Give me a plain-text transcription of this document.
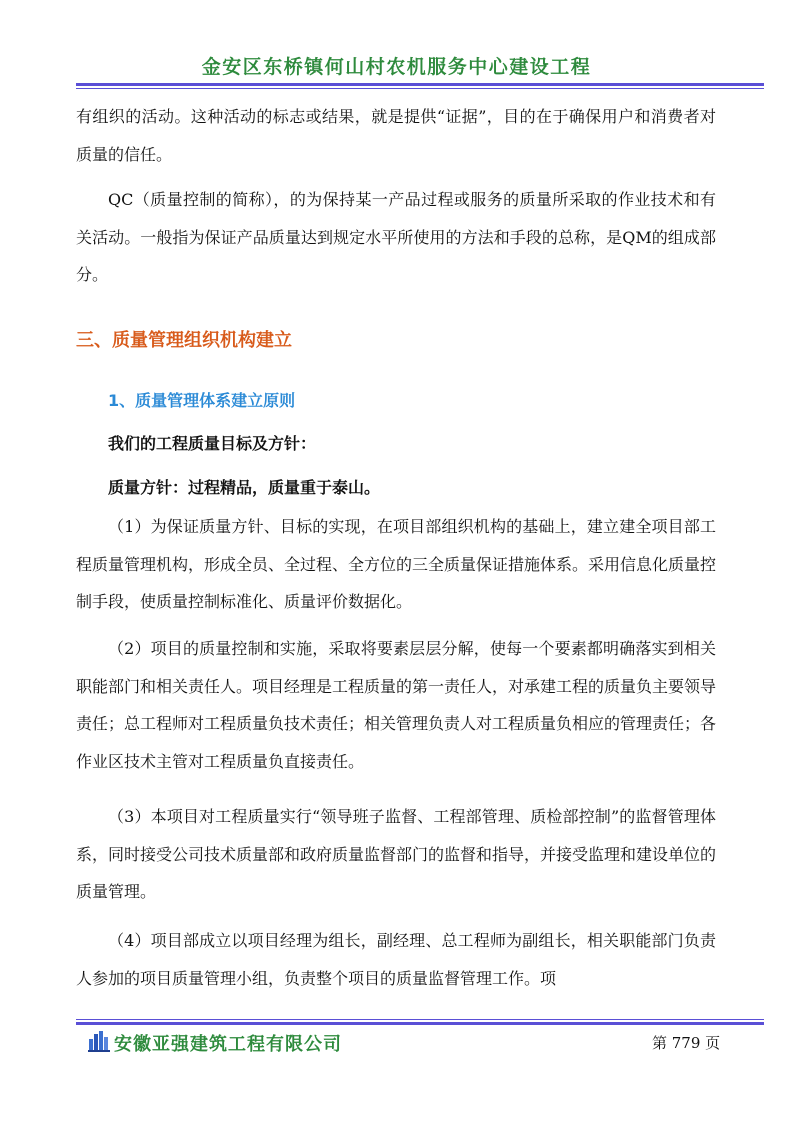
金安区东桥镇何山村农机服务中心建设工程

有组织的活动。这种活动的标志或结果，就是提供“证据”，目的在于确保用户和消费者对质量的信任。

QC（质量控制的简称），的为保持某一产品过程或服务的质量所采取的作业技术和有关活动。一般指为保证产品质量达到规定水平所使用的方法和手段的总称，是QM的组成部分。

三、质量管理组织机构建立
1、质量管理体系建立原则

我们的工程质量目标及方针：

质量方针：过程精品，质量重于泰山。

（1）为保证质量方针、目标的实现，在项目部组织机构的基础上，建立建全项目部工程质量管理机构，形成全员、全过程、全方位的三全质量保证措施体系。采用信息化质量控制手段，使质量控制标准化、质量评价数据化。

（2）项目的质量控制和实施，采取将要素层层分解，使每一个要素都明确落实到相关职能部门和相关责任人。项目经理是工程质量的第一责任人，对承建工程的质量负主要领导责任；总工程师对工程质量负技术责任；相关管理负责人对工程质量负相应的管理责任；各作业区技术主管对工程质量负直接责任。

（3）本项目对工程质量实行“领导班子监督、工程部管理、质检部控制”的监督管理体系，同时接受公司技术质量部和政府质量监督部门的监督和指导，并接受监理和建设单位的质量管理。

（4）项目部成立以项目经理为组长，副经理、总工程师为副组长，相关职能部门负责人参加的项目质量管理小组，负责整个项目的质量监督管理工作。项

安徽亚强建筑工程有限公司	第 779 页
